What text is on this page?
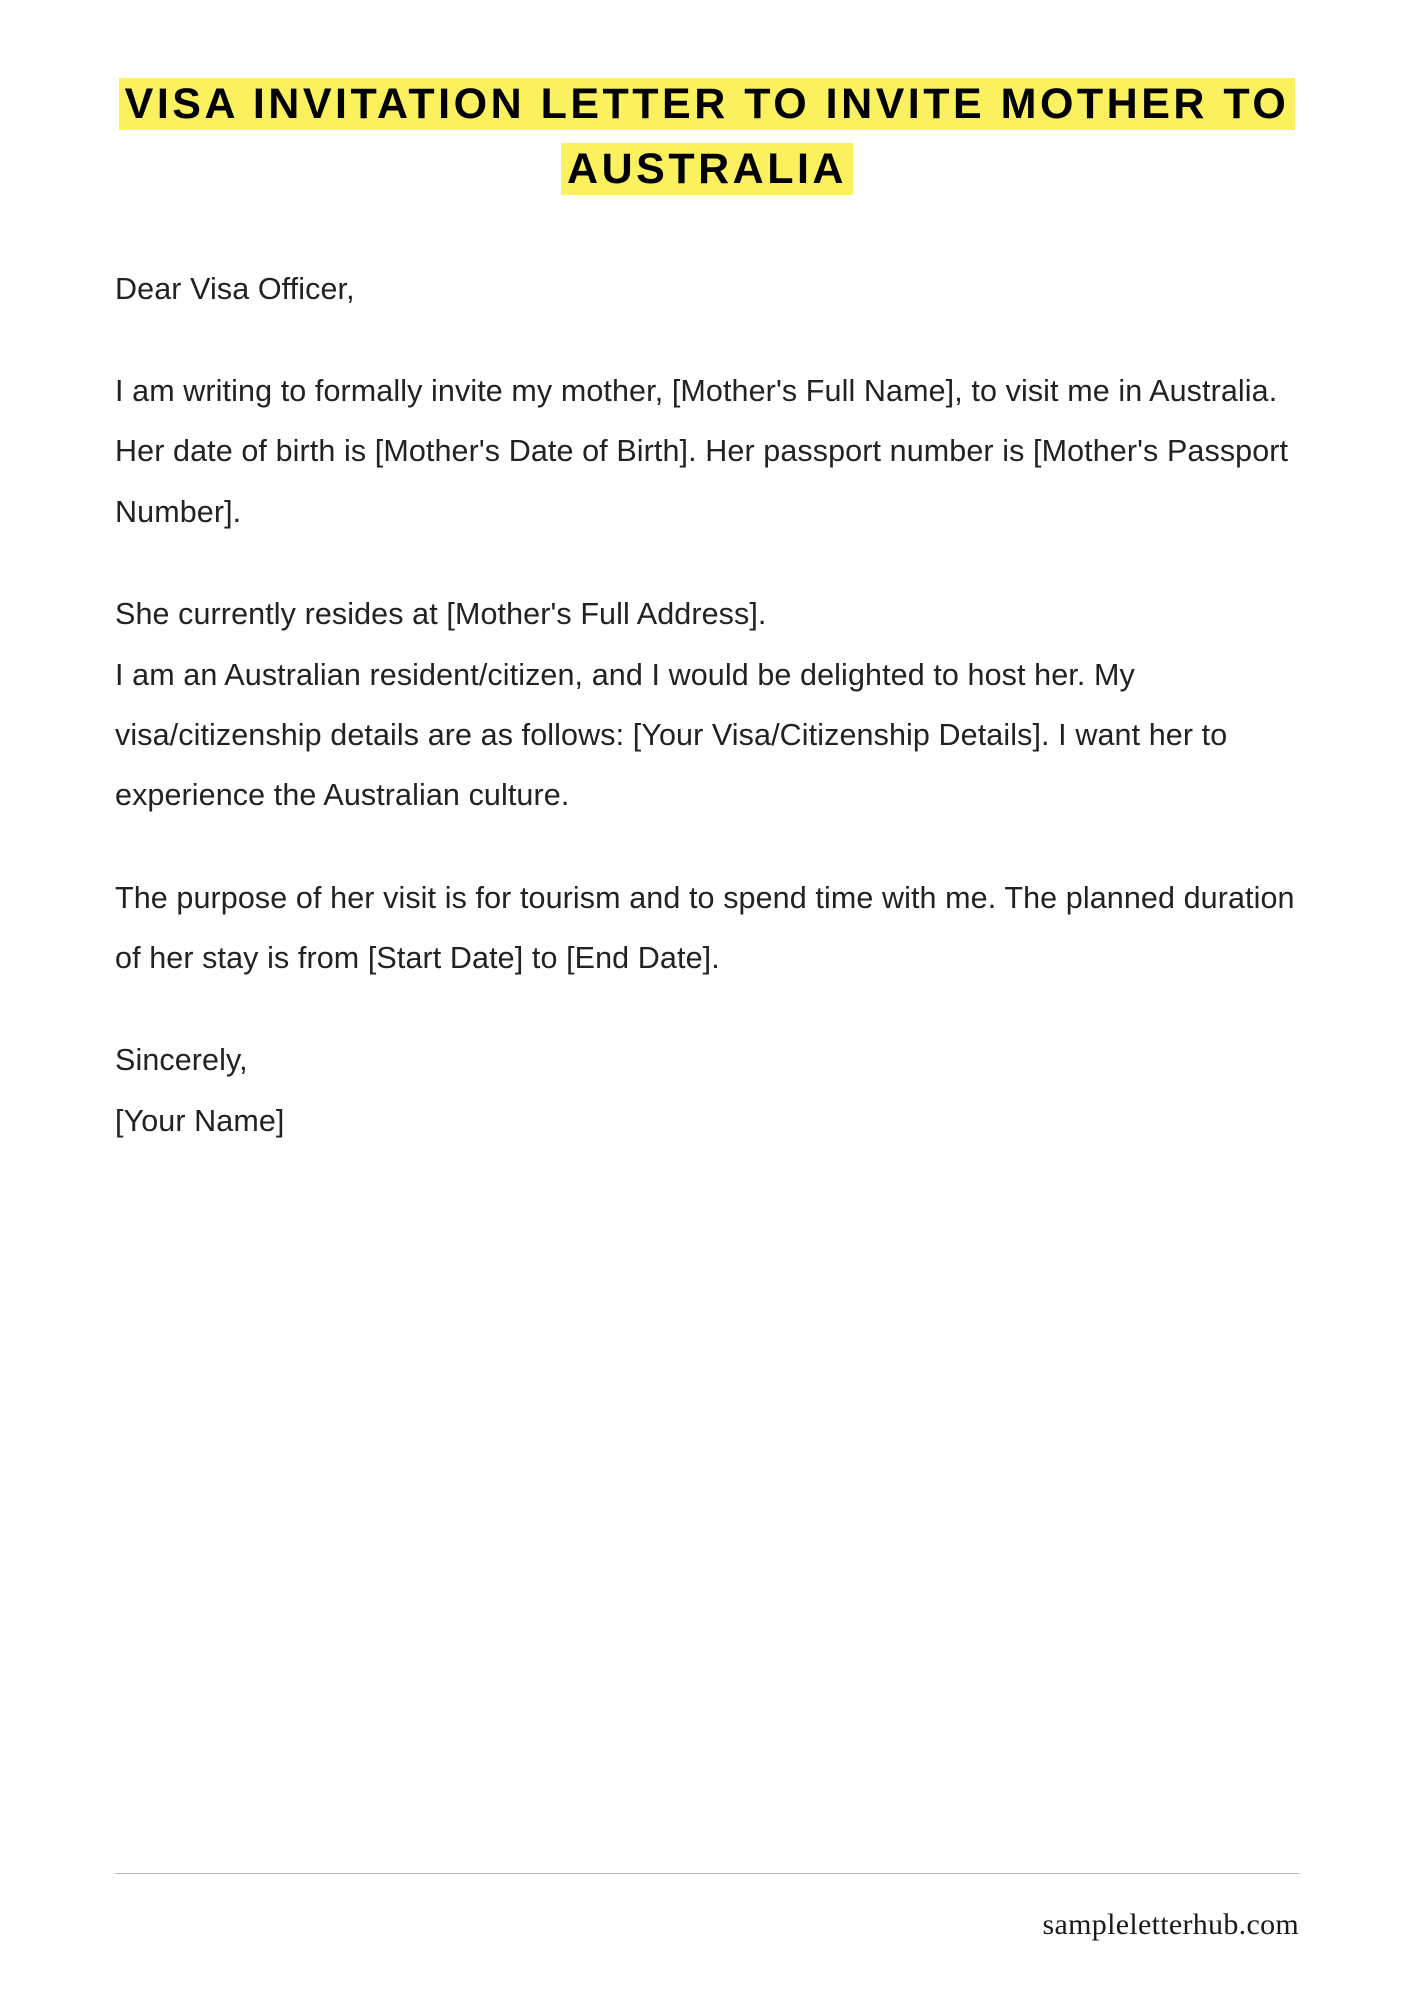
VISA INVITATION LETTER TO INVITE MOTHER TO AUSTRALIA

Dear Visa Officer,

I am writing to formally invite my mother, [Mother's Full Name], to visit me in Australia. Her date of birth is [Mother's Date of Birth]. Her passport number is [Mother's Passport Number].

She currently resides at [Mother's Full Address].

I am an Australian resident/citizen, and I would be delighted to host her. My visa/citizenship details are as follows: [Your Visa/Citizenship Details]. I want her to experience the Australian culture.

The purpose of her visit is for tourism and to spend time with me. The planned duration of her stay is from [Start Date] to [End Date].

Sincerely,

[Your Name]

sampleletterhub.com
